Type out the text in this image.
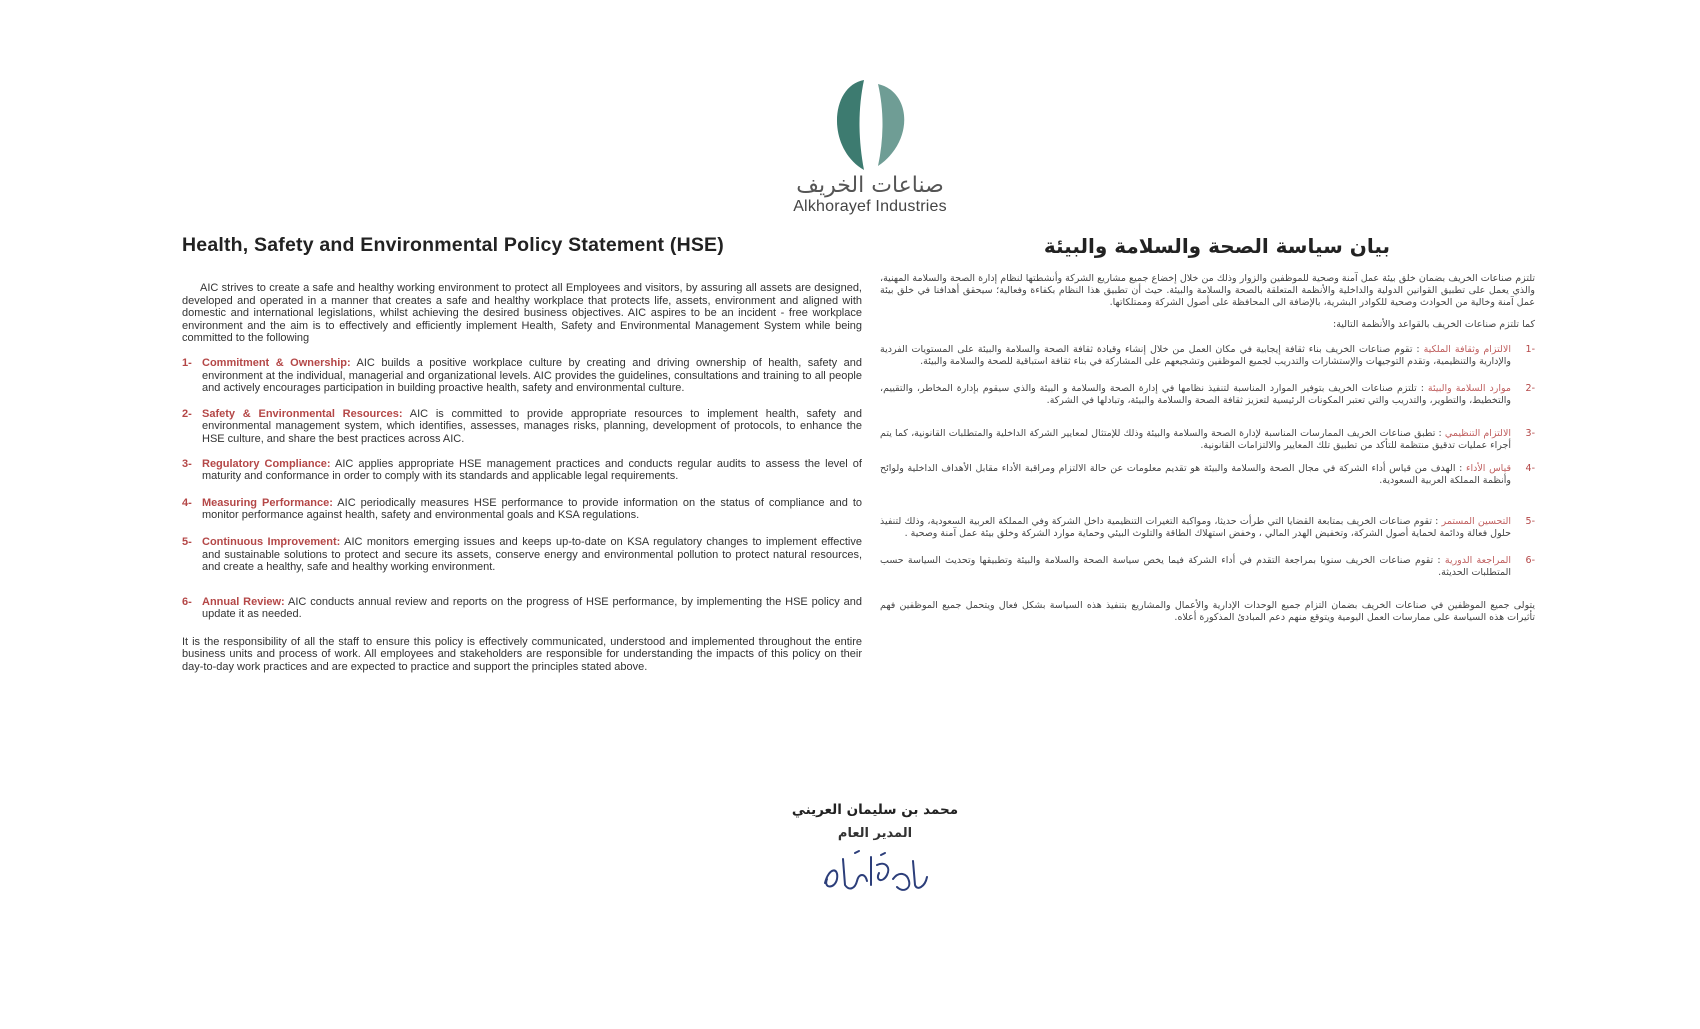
صناعات الخريف
Alkhorayef Industries
Health, Safety and Environmental Policy Statement (HSE)

AIC strives to create a safe and healthy working environment to protect all Employees and visitors, by assuring all assets are designed, developed and operated in a manner that creates a safe and healthy workplace that protects life, assets, environment and aligned with domestic and international legislations, whilst achieving the desired business objectives. AIC aspires to be an incident - free workplace environment and the aim is to effectively and efficiently implement Health, Safety and Environmental Management System while being committed to the following

1- Commitment & Ownership: AIC builds a positive workplace culture by creating and driving ownership of health, safety and environment at the individual, managerial and organizational levels. AIC provides the guidelines, consultations and training to all people and actively encourages participation in building proactive health, safety and environmental culture.
2- Safety & Environmental Resources: AIC is committed to provide appropriate resources to implement health, safety and environmental management system, which identifies, assesses, manages risks, planning, development of protocols, to enhance the HSE culture, and share the best practices across AIC.
3- Regulatory Compliance: AIC applies appropriate HSE management practices and conducts regular audits to assess the level of maturity and conformance in order to comply with its standards and applicable legal requirements.
4- Measuring Performance: AIC periodically measures HSE performance to provide information on the status of compliance and to monitor performance against health, safety and environmental goals and KSA regulations.
5- Continuous Improvement: AIC monitors emerging issues and keeps up-to-date on KSA regulatory changes to implement effective and sustainable solutions to protect and secure its assets, conserve energy and environmental pollution to protect natural resources, and create a healthy, safe and healthy working environment.
6- Annual Review: AIC conducts annual review and reports on the progress of HSE performance, by implementing the HSE policy and update it as needed.

It is the responsibility of all the staff to ensure this policy is effectively communicated, understood and implemented throughout the entire business units and process of work. All employees and stakeholders are responsible for understanding the impacts of this policy on their day-to-day work practices and are expected to practice and support the principles stated above.

بيان سياسة الصحة والسلامة والبيئة

تلتزم صناعات الخريف بضمان خلق بيئة عمل آمنة وصحية للموظفين والزوار وذلك من خلال إخضاع جميع مشاريع الشركة وأنشطتها لنظام إدارة الصحة والسلامة المهنية، والذي يعمل على تطبيق القوانين الدولية والداخلية والأنظمة المتعلقة بالصحة والسلامة والبيئة. حيث أن تطبيق هذا النظام بكفاءة وفعالية؛ سيحقق أهدافنا في خلق بيئة عمل آمنة وخالية من الحوادث وصحية للكوادر البشرية، بالإضافة الى المحافظة على أصول الشركة وممتلكاتها.

كما تلتزم صناعات الخريف بالقواعد والأنظمة التالية:

-1
الالتزام وثقافة الملكية : تقوم صناعات الخريف بناء ثقافة إيجابية في مكان العمل من خلال إنشاء وقيادة ثقافة الصحة والسلامة والبيئة على المستويات الفردية والإدارية والتنظيمية، وتقدم التوجيهات والإستشارات والتدريب لجميع الموظفين وتشجيعهم على المشاركة في بناء ثقافة استباقية للصحة والسلامة والبيئة.
-2
موارد السلامة والبيئة : تلتزم صناعات الخريف بتوفير الموارد المناسبة لتنفيذ نظامها في إدارة الصحة والسلامة و البيئة والذي سيقوم بإدارة المخاطر، والتقييم، والتخطيط، والتطوير، والتدريب والتي تعتبر المكونات الرئيسية لتعزيز ثقافة الصحة والسلامة والبيئة، وتبادلها في الشركة.
-3
الالتزام التنظيمي : تطبق صناعات الخريف الممارسات المناسبة لإدارة الصحة والسلامة والبيئة وذلك للإمتثال لمعايير الشركة الداخلية والمتطلبات القانونية، كما يتم أجراء عمليات تدقيق منتظمة للتأكد من تطبيق تلك المعايير والالتزامات القانونية.
-4
قياس الأداء : الهدف من قياس أداء الشركة في مجال الصحة والسلامة والبيئة هو تقديم معلومات عن حالة الالتزام ومراقبة الأداء مقابل الأهداف الداخلية ولوائح وأنظمة المملكة العربية السعودية.
-5
التحسين المستمر : تقوم صناعات الخريف بمتابعة القضايا التي طرأت حديثا، ومواكبة التغيرات التنظيمية داخل الشركة وفي المملكة العربية السعودية، وذلك لتنفيذ حلول فعالة ودائمة لحماية أصول الشركة، وتخفيض الهدر المالي ، وخفض استهلاك الطاقة والتلوث البيئي وحماية موارد الشركة وخلق بيئة عمل آمنة وصحية .
-6
المراجعة الدورية : تقوم صناعات الخريف سنويا بمراجعة التقدم في أداء الشركة فيما يخص سياسة الصحة والسلامة والبيئة وتطبيقها وتحديث السياسة حسب المتطلبات الحديثة.

يتولى جميع الموظفين في صناعات الخريف بضمان التزام جميع الوحدات الإدارية والأعمال والمشاريع بتنفيذ هذه السياسة بشكل فعال ويتحمل جميع الموظفين فهم تأثيرات هذه السياسة على ممارسات العمل اليومية ويتوقع منهم دعم المبادئ المذكورة أعلاه.

محمد بن سليمان العريني
المدير العام
